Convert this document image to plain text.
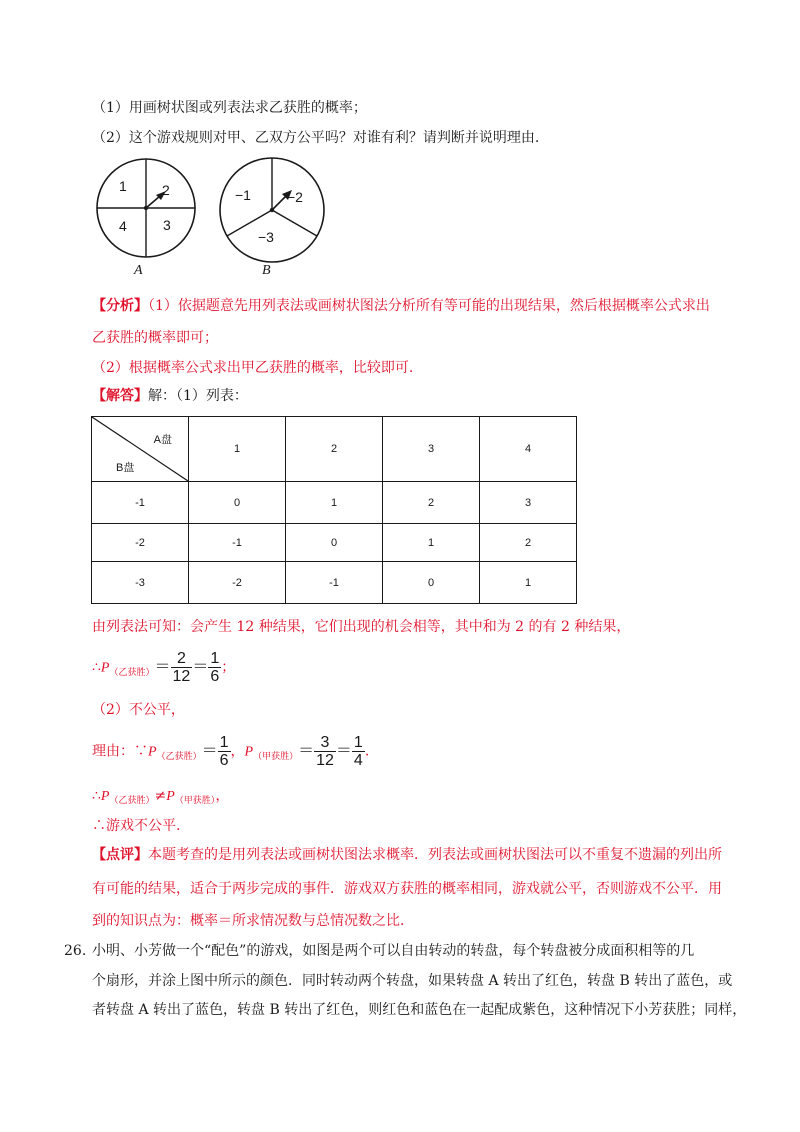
（1）用画树状图或列表法求乙获胜的概率；
（2）这个游戏规则对甲、乙双方公平吗？对谁有利？请判断并说明理由.
1	2
3
4
A
−1	−2
−3
B
【分析】（1）依据题意先用列表法或画树状图法分析所有等可能的出现结果，然后根据概率公式求出
乙获胜的概率即可；
（2）根据概率公式求出甲乙获胜的概率，比较即可.
【解答】解：（1）列表：
A盘
B盘	1	2	3	4
-1	0	1	2	3
-2	-1	0	1	2
-3	-2	-1	0	1
由列表法可知：会产生 12 种结果，它们出现的机会相等，其中和为 2 的有 2 种结果，
$\therefore P_{(乙获胜)}= \frac{2}{12} = \frac{1}{6}$ ；
（2）不公平，
理由：$\because P_{(乙获胜)}= \frac{1}{6}$ ，$P_{(甲获胜)}= \frac{3}{12} = \frac{1}{4}$ .
$\therefore P_{(乙获胜)}\ne P_{(甲获胜)}$，
∴游戏不公平.
【点评】本题考查的是用列表法或画树状图法求概率．列表法或画树状图法可以不重复不遗漏的列出所
有可能的结果，适合于两步完成的事件．游戏双方获胜的概率相同，游戏就公平，否则游戏不公平．用
到的知识点为：概率＝所求情况数与总情况数之比．
26. 小明、小芳做一个“配色”的游戏，如图是两个可以自由转动的转盘，每个转盘被分成面积相等的几
个扇形，并涂上图中所示的颜色．同时转动两个转盘，如果转盘 A 转出了红色，转盘 B 转出了蓝色，或
者转盘 A 转出了蓝色，转盘 B 转出了红色，则红色和蓝色在一起配成紫色，这种情况下小芳获胜；同样，
